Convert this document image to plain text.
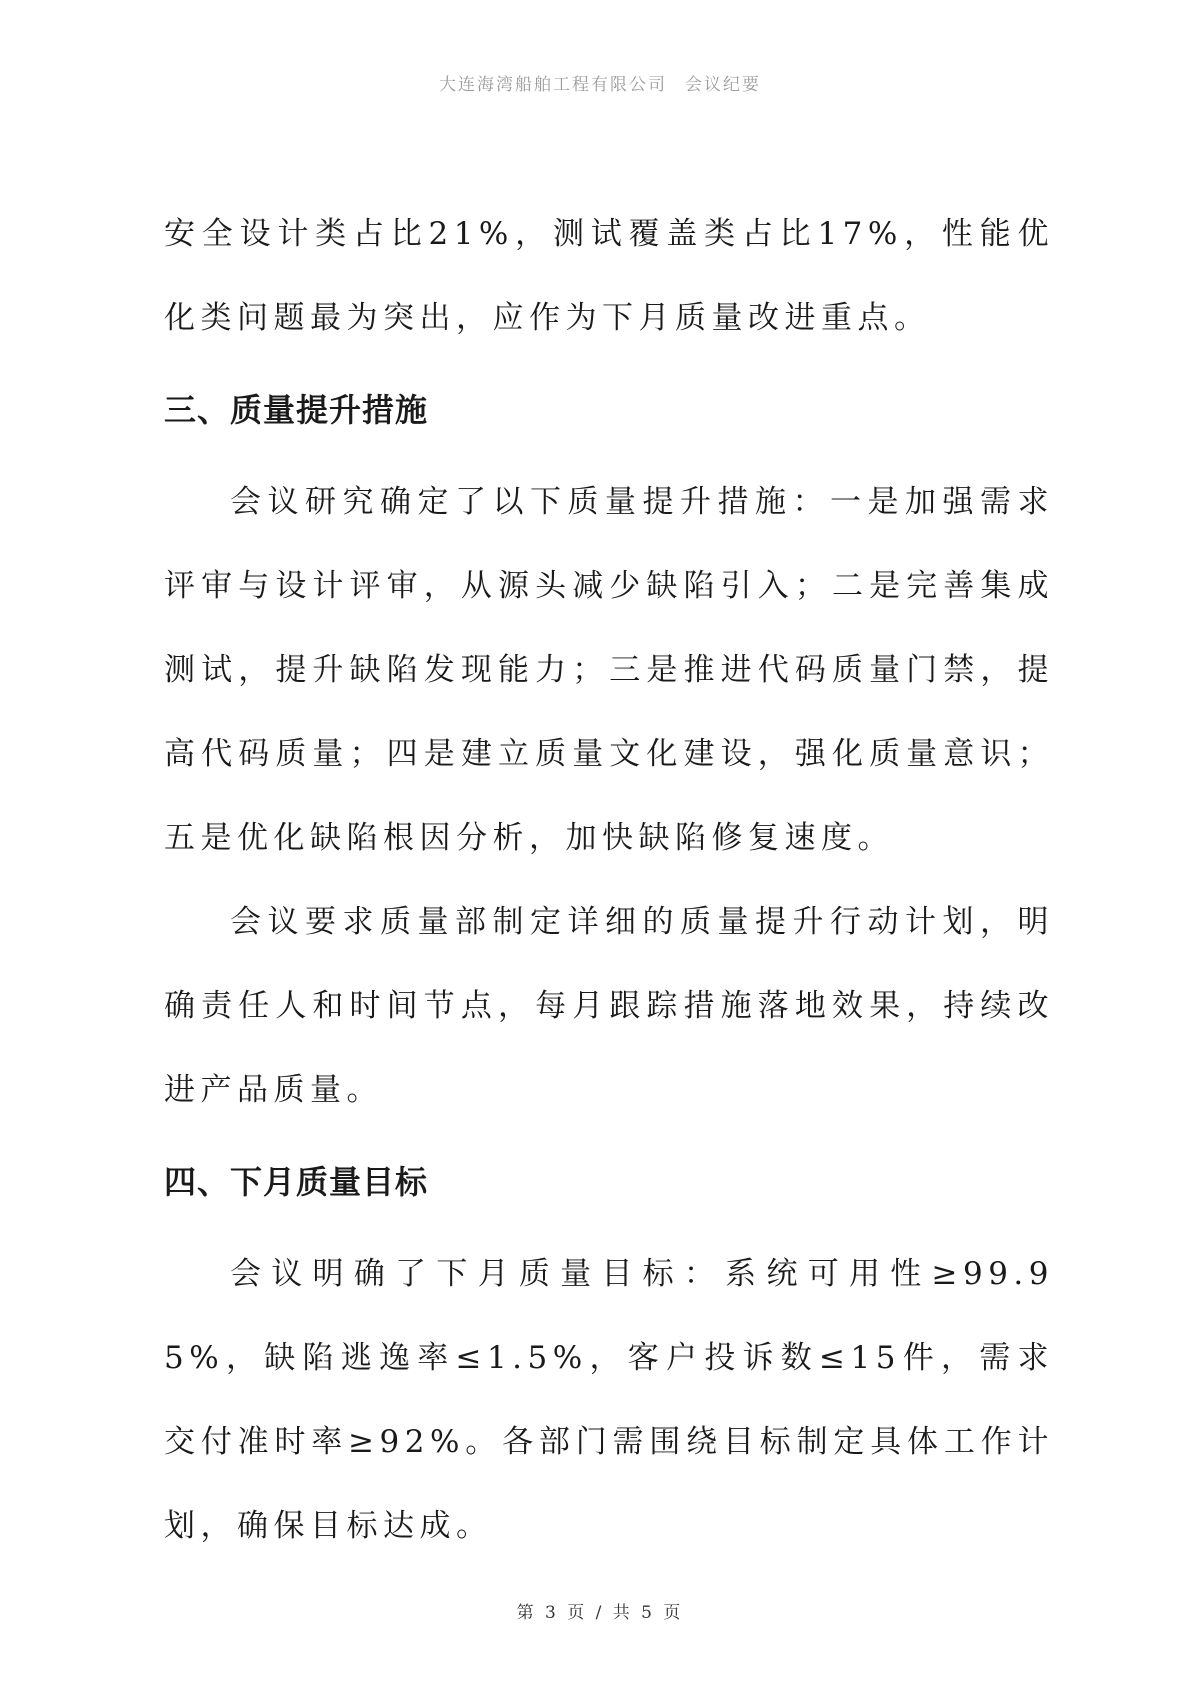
大连海湾船舶工程有限公司 会议纪要

安全设计类占比21%，测试覆盖类占比17%，性能优化类问题最为突出，应作为下月质量改进重点。

三、质量提升措施

会议研究确定了以下质量提升措施：一是加强需求评审与设计评审，从源头减少缺陷引入；二是完善集成测试，提升缺陷发现能力；三是推进代码质量门禁，提高代码质量；四是建立质量文化建设，强化质量意识；五是优化缺陷根因分析，加快缺陷修复速度。

会议要求质量部制定详细的质量提升行动计划，明确责任人和时间节点，每月跟踪措施落地效果，持续改进产品质量。

四、下月质量目标

会议明确了下月质量目标：系统可用性≥99.95%，缺陷逃逸率≤1.5%，客户投诉数≤15件，需求交付准时率≥92%。各部门需围绕目标制定具体工作计划，确保目标达成。

第 3 页 / 共 5 页
